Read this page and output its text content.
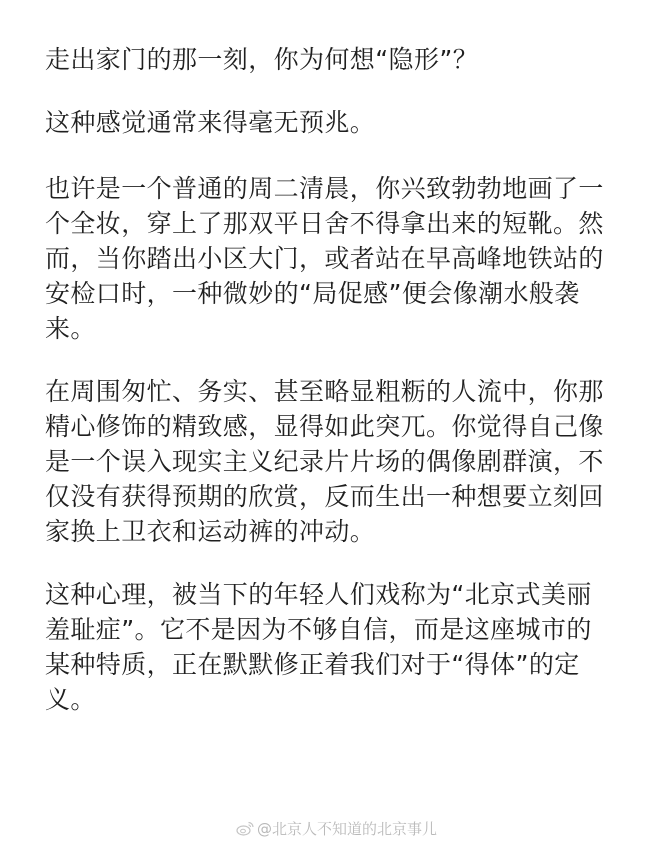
走出家门的那一刻，你为何想“隐形”？

这种感觉通常来得毫无预兆。

也许是一个普通的周二清晨，你兴致勃勃地画了一个全妆，穿上了那双平日舍不得拿出来的短靴。然而，当你踏出小区大门，或者站在早高峰地铁站的安检口时，一种微妙的“局促感”便会像潮水般袭来。

在周围匆忙、务实、甚至略显粗粝的人流中，你那精心修饰的精致感，显得如此突兀。你觉得自己像是一个误入现实主义纪录片片场的偶像剧群演，不仅没有获得预期的欣赏，反而生出一种想要立刻回家换上卫衣和运动裤的冲动。

这种心理，被当下的年轻人们戏称为“北京式美丽羞耻症”。它不是因为不够自信，而是这座城市的某种特质，正在默默修正着我们对于“得体”的定义。

@北京人不知道的北京事儿
